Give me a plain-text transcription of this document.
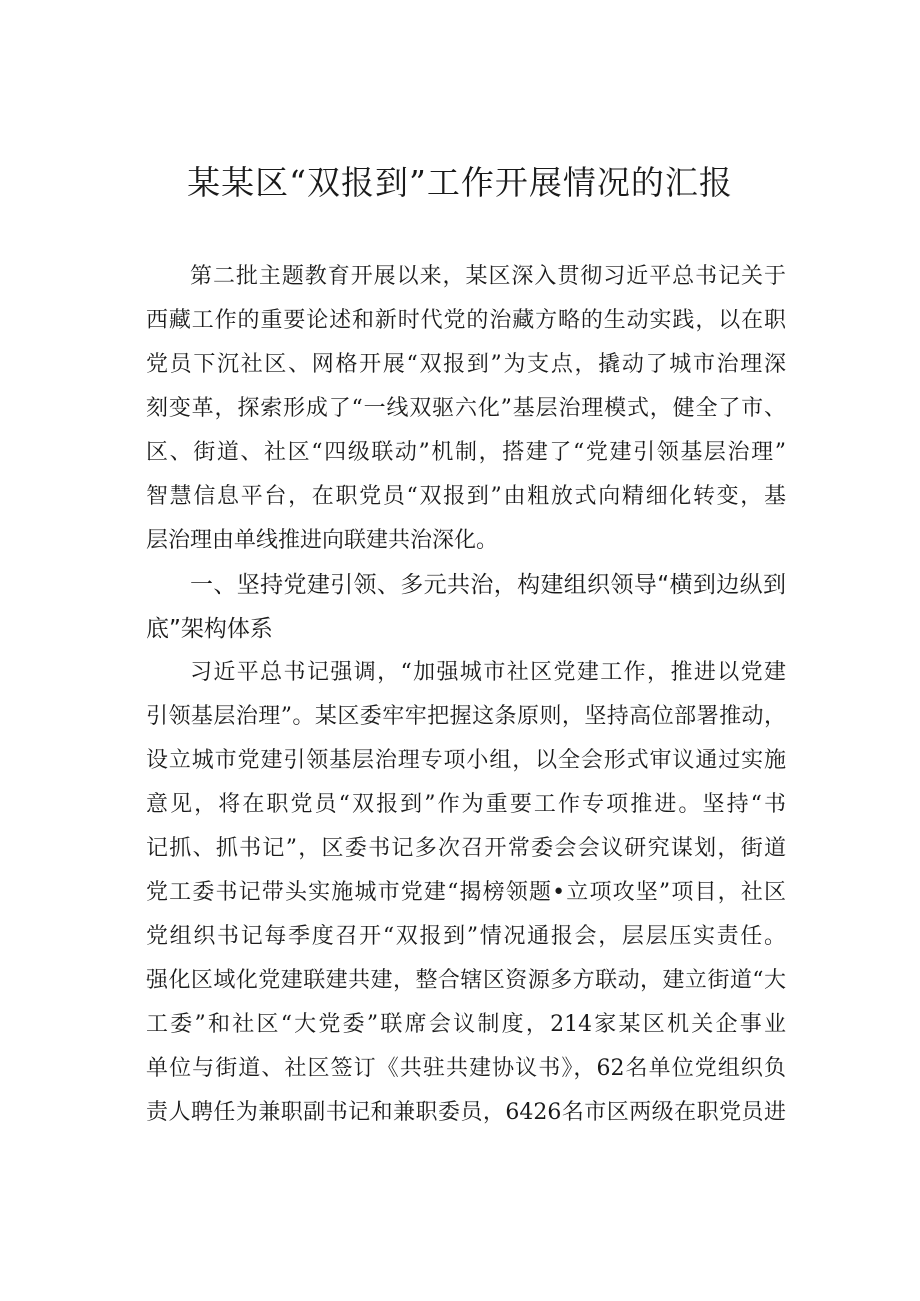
某某区“双报到”工作开展情况的汇报

第二批主题教育开展以来，某区深入贯彻习近平总书记关于

西藏工作的重要论述和新时代党的治藏方略的生动实践，以在职

党员下沉社区、网格开展“双报到”为支点，撬动了城市治理深

刻变革，探索形成了“一线双驱六化”基层治理模式，健全了市、

区、街道、社区“四级联动”机制，搭建了“党建引领基层治理”

智慧信息平台，在职党员“双报到”由粗放式向精细化转变，基

层治理由单线推进向联建共治深化。

一、坚持党建引领、多元共治，构建组织领导“横到边纵到

底”架构体系

习近平总书记强调，“加强城市社区党建工作，推进以党建

引领基层治理”。某区委牢牢把握这条原则，坚持高位部署推动，

设立城市党建引领基层治理专项小组，以全会形式审议通过实施

意见，将在职党员“双报到”作为重要工作专项推进。坚持“书

记抓、抓书记”，区委书记多次召开常委会会议研究谋划，街道

党工委书记带头实施城市党建“揭榜领题•立项攻坚”项目，社区

党组织书记每季度召开“双报到”情况通报会，层层压实责任。

强化区域化党建联建共建，整合辖区资源多方联动，建立街道“大

工委”和社区“大党委”联席会议制度，214家某区机关企事业

单位与街道、社区签订《共驻共建协议书》，62名单位党组织负

责人聘任为兼职副书记和兼职委员，6426名市区两级在职党员进
